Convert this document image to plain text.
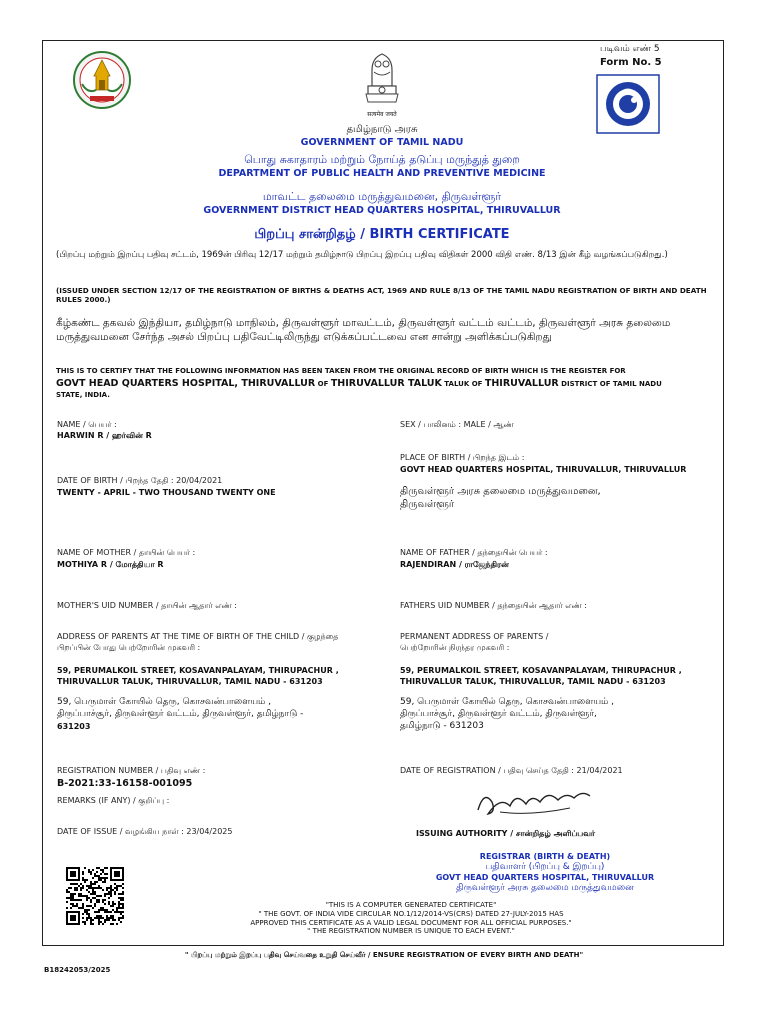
सत्यमेव जयते
படிவம் எண் 5
Form No. 5
தமிழ்நாடு அரசு
GOVERNMENT OF TAMIL NADU
பொது சுகாதாரம் மற்றும் நோய்த் தடுப்பு மருந்துத் துறை
DEPARTMENT OF PUBLIC HEALTH AND PREVENTIVE MEDICINE
மாவட்ட தலைமை மருத்துவமனை, திருவள்ளூர்
GOVERNMENT DISTRICT HEAD QUARTERS HOSPITAL, THIRUVALLUR
பிறப்பு சான்றிதழ் / BIRTH CERTIFICATE
(பிறப்பு மற்றும் இறப்பு பதிவு சட்டம், 1969ன் பிரிவு 12/17 மற்றும் தமிழ்நாடு பிறப்பு இறப்பு பதிவு விதிகள் 2000 விதி எண். 8/13 இன் கீழ் வழங்கப்படுகிறது.)
(ISSUED UNDER SECTION 12/17 OF THE REGISTRATION OF BIRTHS & DEATHS ACT, 1969 AND RULE 8/13 OF THE TAMIL NADU REGISTRATION OF BIRTH AND DEATH RULES 2000.)
கீழ்கண்ட தகவல் இந்தியா, தமிழ்நாடு மாநிலம், திருவள்ளூர் மாவட்டம், திருவள்ளூர் வட்டம் வட்டம், திருவள்ளூர் அரசு தலைமை மருத்துவமனை சேர்ந்த அசல் பிறப்பு பதிவேட்டிலிருந்து எடுக்கப்பட்டவை என சான்று அளிக்கப்படுகிறது
THIS IS TO CERTIFY THAT THE FOLLOWING INFORMATION HAS BEEN TAKEN FROM THE ORIGINAL RECORD OF BIRTH WHICH IS THE REGISTER FOR
GOVT HEAD QUARTERS HOSPITAL, THIRUVALLUR OF THIRUVALLUR TALUK TALUK OF THIRUVALLUR DISTRICT OF TAMIL NADU
STATE, INDIA.
NAME / பெயர் :
HARWIN R / ஹர்வின் R
DATE OF BIRTH / பிறந்த தேதி : 20/04/2021
TWENTY - APRIL - TWO THOUSAND TWENTY ONE
NAME OF MOTHER / தாயின் பெயர் :
MOTHIYA R / மோத்தியா R
MOTHER'S UID NUMBER / தாயின் ஆதார் எண் :
ADDRESS OF PARENTS AT THE TIME OF BIRTH OF THE CHILD / குழந்தை
பிறப்பின் போது பெற்றோரின் முகவரி :
59, PERUMALKOIL STREET, KOSAVANPALAYAM, THIRUPACHUR ,
THIRUVALLUR TALUK, THIRUVALLUR, TAMIL NADU - 631203
59, பெருமாள் கோயில் தெரு, கொசவன்பாளையம் ,
திருப்பாச்சூர், திருவள்ளூர் வட்டம், திருவள்ளூர், தமிழ்நாடு -
631203
REGISTRATION NUMBER / பதிவு எண் :
B-2021:33-16158-001095
REMARKS (IF ANY) / குறிப்பு :
DATE OF ISSUE / வழங்கிய நாள் : 23/04/2025
SEX / பாலினம் : MALE / ஆண்
PLACE OF BIRTH / பிறந்த இடம் :
GOVT HEAD QUARTERS HOSPITAL, THIRUVALLUR, THIRUVALLUR
திருவள்ளூர் அரசு தலைமை மருத்துவமனை,
திருவள்ளூர்
NAME OF FATHER / தந்தையின் பெயர் :
RAJENDIRAN / ராஜேந்திரன்
FATHERS UID NUMBER / தந்தையின் ஆதார் எண் :
PERMANENT ADDRESS OF PARENTS /
பெற்றோரின் நிரந்தர முகவரி :
59, PERUMALKOIL STREET, KOSAVANPALAYAM, THIRUPACHUR ,
THIRUVALLUR TALUK, THIRUVALLUR, TAMIL NADU - 631203
59, பெருமாள் கோயில் தெரு, கொசவன்பாளையம் ,
திருப்பாச்சூர், திருவள்ளூர் வட்டம், திருவள்ளூர்,
தமிழ்நாடு - 631203
DATE OF REGISTRATION / பதிவு செய்த தேதி : 21/04/2021
ISSUING AUTHORITY / சான்றிதழ் அளிப்பவர்
REGISTRAR (BIRTH & DEATH)
பதிவாளர் (பிறப்பு & இறப்பு)
GOVT HEAD QUARTERS HOSPITAL, THIRUVALLUR
திருவள்ளூர் அரசு தலைமை மருத்துவமனை
"THIS IS A COMPUTER GENERATED CERTIFICATE"
" THE GOVT. OF INDIA VIDE CIRCULAR NO.1/12/2014-VS(CRS) DATED 27-JULY-2015 HAS
APPROVED THIS CERTIFICATE AS A VALID LEGAL DOCUMENT FOR ALL OFFICIAL PURPOSES."
" THE REGISTRATION NUMBER IS UNIQUE TO EACH EVENT."
" பிறப்பு மற்றும் இறப்பு பதிவு செய்வதை உறுதி செய்வீர் / ENSURE REGISTRATION OF EVERY BIRTH AND DEATH"
B18242053/2025
